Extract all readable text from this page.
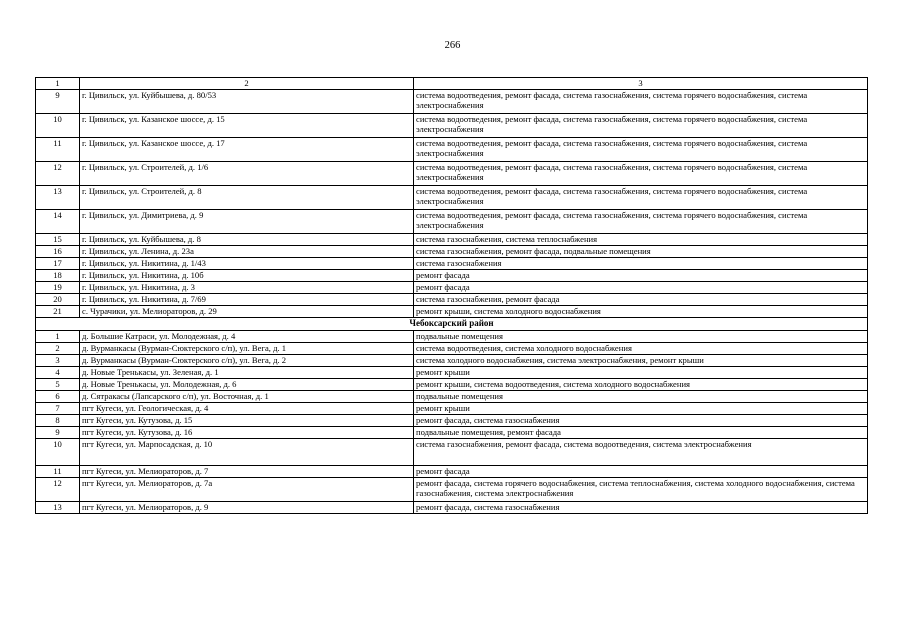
266
1	2	3
9	г. Цивильск, ул. Куйбышева, д. 80/53	система водоотведения, ремонт фасада, система газоснабжения, система горячего водоснабжения, система электроснабжения
10	г. Цивильск, ул. Казанское шоссе, д. 15	система водоотведения, ремонт фасада, система газоснабжения, система горячего водоснабжения, система электроснабжения
11	г. Цивильск, ул. Казанское шоссе, д. 17	система водоотведения, ремонт фасада, система газоснабжения, система горячего водоснабжения, система электроснабжения
12	г. Цивильск, ул. Строителей, д. 1/6	система водоотведения, ремонт фасада, система газоснабжения, система горячего водоснабжения, система электроснабжения
13	г. Цивильск, ул. Строителей, д. 8	система водоотведения, ремонт фасада, система газоснабжения, система горячего водоснабжения, система электроснабжения
14	г. Цивильск, ул. Димитриева, д. 9	система водоотведения, ремонт фасада, система газоснабжения, система горячего водоснабжения, система электроснабжения
15	г. Цивильск, ул. Куйбышева, д. 8	система газоснабжения, система теплоснабжения
16	г. Цивильск, ул. Ленина, д. 23а	система газоснабжения, ремонт фасада, подвальные помещения
17	г. Цивильск, ул. Никитина, д. 1/43	система газоснабжения
18	г. Цивильск, ул. Никитина, д. 10б	ремонт фасада
19	г. Цивильск, ул. Никитина, д. 3	ремонт фасада
20	г. Цивильск, ул. Никитина, д. 7/69	система газоснабжения, ремонт фасада
21	с. Чурачики, ул. Мелиораторов, д. 29	ремонт крыши, система холодного водоснабжения
Чебоксарский район		
1	д. Большие Катраси, ул. Молодежная, д. 4	подвальные помещения
2	д. Вурманкасы (Вурман-Сюктерского с/п), ул. Вега, д. 1	система водоотведения, система холодного водоснабжения
3	д. Вурманкасы (Вурман-Сюктерского с/п), ул. Вега, д. 2	система холодного водоснабжения, система электроснабжения, ремонт крыши
4	д. Новые Тренькасы, ул. Зеленая, д. 1	ремонт крыши
5	д. Новые Тренькасы, ул. Молодежная, д. 6	ремонт крыши, система водоотведения, система холодного водоснабжения
6	д. Сятракасы (Лапсарского с/п), ул. Восточная, д. 1	подвальные помещения
7	пгт Кугеси, ул. Геологическая, д. 4	ремонт крыши
8	пгт Кугеси, ул. Кутузова, д. 15	ремонт фасада, система газоснабжения
9	пгт Кугеси, ул. Кутузова, д. 16	подвальные помещения, ремонт фасада
10	пгт Кугеси, ул. Марпосадская, д. 10	система газоснабжения, ремонт фасада, система водоотведения, система электроснабжения
11	пгт Кугеси, ул. Мелиораторов, д. 7	ремонт фасада
12	пгт Кугеси, ул. Мелиораторов, д. 7а	ремонт фасада, система горячего водоснабжения, система теплоснабжения, система холодного водоснабжения, система газоснабжения, система электроснабжения
13	пгт Кугеси, ул. Мелиораторов, д. 9	ремонт фасада, система газоснабжения
